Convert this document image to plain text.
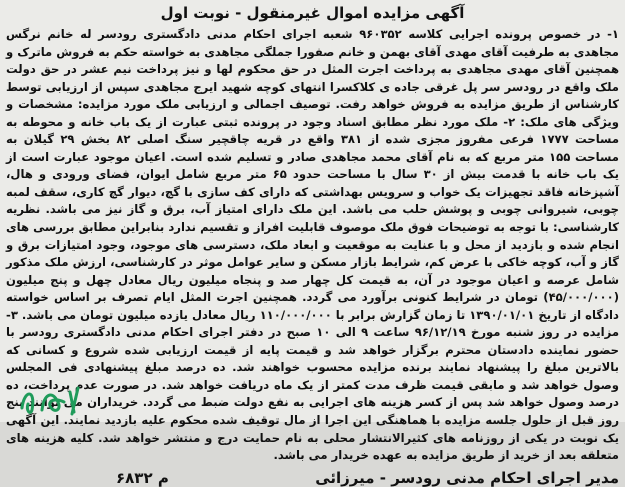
آگهی مزایده اموال غیرمنقول - نوبت اول

۱- در خصوص پرونده اجرایی کلاسه ۹۶۰۳۵۲ شعبه اجرای احکام مدنی دادگستری رودسر له خانم نرگس مجاهدی به طرفیت آقای مهدی آقای بهمن و خانم صفورا جملگی مجاهدی به خواسته حکم به فروش ماترک و همچنین آقای مهدی مجاهدی به پرداخت اجرت المثل در حق محکوم لها و نیز پرداخت نیم عشر در حق دولت ملک واقع در رودسر سر پل غرقی جاده ی کلاکسرا انتهای کوچه شهید ایرج مجاهدی سپس از ارزیابی توسط کارشناس از طریق مزایده به فروش خواهد رفت. توصیف اجمالی و ارزیابی ملک مورد مزایده: مشخصات و ویژگی های ملک: ۲- ملک مورد نظر مطابق اسناد وجود در پرونده ثبتی عبارت از یک باب خانه و محوطه به مساحت ۱۷۷۷ فرعی مفروز مجزی شده از ۳۸۱ واقع در قریه چاقچیر سنگ اصلی ۸۲ بخش ۲۹ گیلان به مساحت ۱۵۵ متر مربع که به نام آقای محمد مجاهدی صادر و تسلیم شده است. اعیان موجود عبارت است از یک باب خانه با قدمت بیش از ۳۰ سال با مساحت حدود ۶۵ متر مربع شامل ایوان، فضای ورودی و هال، آشپزخانه فاقد تجهیزات یک خواب و سرویس بهداشتی که دارای کف سازی با گچ، دیوار گچ کاری، سقف لمبه چوبی، شیروانی چوبی و پوشش حلب می باشد. این ملک دارای امتیاز آب، برق و گاز نیز می باشد. نظریه کارشناسی: با توجه به توضیحات فوق ملک موصوف قابلیت افراز و تقسیم ندارد بنابراین مطابق بررسی های انجام شده و بازدید از محل و با عنایت به موقعیت و ابعاد ملک، دسترسی های موجود، وجود امتیازات برق و گاز و آب، کوچه خاکی با عرض کم، شرایط بازار مسکن و سایر عوامل موثر در کارشناسی، ارزش ملک مذکور شامل عرصه و اعیان موجود در آن، به قیمت کل چهار صد و پنجاه میلیون ریال معادل چهل و پنج میلیون (۴۵/۰۰۰/۰۰۰) تومان در شرایط کنونی برآورد می گردد. همچنین اجرت المثل ایام تصرف بر اساس خواسته دادگاه از تاریخ ۱۳۹۰/۰۱/۰۱ تا زمان گزارش برابر با ۱۱۰/۰۰۰/۰۰۰ ریال معادل یازده میلیون تومان می باشد. ۳- مزایده در روز شنبه مورخ ۹۶/۱۲/۱۹ ساعت ۹ الی ۱۰ صبح در دفتر اجرای احکام مدنی دادگستری رودسر با حضور نماینده دادستان محترم برگزار خواهد شد و قیمت پایه از قیمت ارزیابی شده شروع و کسانی که بالاترین مبلغ را پیشنهاد نمایند برنده مزایده محسوب خواهند شد. ده درصد مبلغ پیشنهادی فی المجلس وصول خواهد شد و مابقی قیمت ظرف مدت کمتر از یک ماه دریافت خواهد شد. در صورت عدم پرداخت، ده درصد وصول خواهد شد پس از کسر هزینه های اجرایی به نفع دولت ضبط می گردد. خریداران می توانند پنج روز قبل از حلول جلسه مزایده با هماهنگی این اجرا از مال توقیف شده محکوم علیه بازدید نمایند. این آگهی یک نوبت در یکی از روزنامه های کثیرالانتشار محلی به نام حمایت درج و منتشر خواهد شد. کلیه هزینه های متعلقه بعد از خرید از طریق مزایده به عهده خریدار می باشد.

مدیر اجرای احکام مدنی رودسر - میرزائی
م ۶۸۳۲
